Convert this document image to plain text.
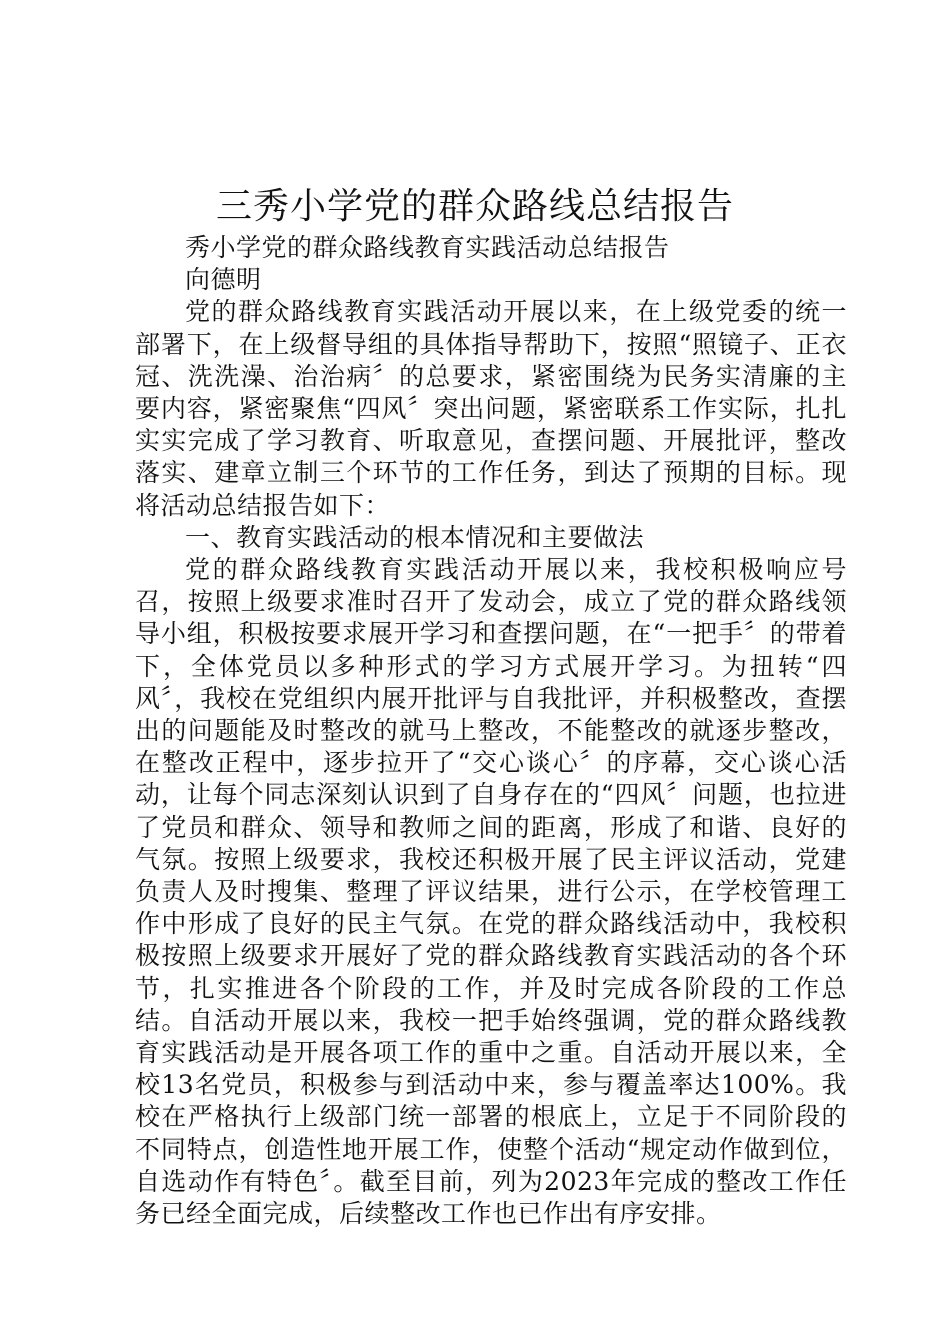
三秀小学党的群众路线总结报告

秀小学党的群众路线教育实践活动总结报告

向德明

党的群众路线教育实践活动开展以来，在上级党委的统一部署下，在上级督导组的具体指导帮助下，按照“照镜子、正衣冠、洗洗澡、治治病〞的总要求，紧密围绕为民务实清廉的主要内容，紧密聚焦“四风〞突出问题，紧密联系工作实际，扎扎实实完成了学习教育、听取意见，查摆问题、开展批评，整改落实、建章立制三个环节的工作任务，到达了预期的目标。现将活动总结报告如下：

一、教育实践活动的根本情况和主要做法

党的群众路线教育实践活动开展以来，我校积极响应号召，按照上级要求准时召开了发动会，成立了党的群众路线领导小组，积极按要求展开学习和查摆问题，在“一把手〞的带着下，全体党员以多种形式的学习方式展开学习。为扭转“四风〞，我校在党组织内展开批评与自我批评，并积极整改，查摆出的问题能及时整改的就马上整改，不能整改的就逐步整改，在整改正程中，逐步拉开了“交心谈心〞的序幕，交心谈心活动，让每个同志深刻认识到了自身存在的“四风〞问题，也拉进了党员和群众、领导和教师之间的距离，形成了和谐、良好的气氛。按照上级要求，我校还积极开展了民主评议活动，党建负责人及时搜集、整理了评议结果，进行公示，在学校管理工作中形成了良好的民主气氛。在党的群众路线活动中，我校积极按照上级要求开展好了党的群众路线教育实践活动的各个环节，扎实推进各个阶段的工作，并及时完成各阶段的工作总结。自活动开展以来，我校一把手始终强调，党的群众路线教育实践活动是开展各项工作的重中之重。自活动开展以来，全校13名党员，积极参与到活动中来，参与覆盖率达100%。我校在严格执行上级部门统一部署的根底上，立足于不同阶段的不同特点，创造性地开展工作，使整个活动“规定动作做到位，自选动作有特色〞。截至目前，列为2023年完成的整改工作任务已经全面完成，后续整改工作也已作出有序安排。
